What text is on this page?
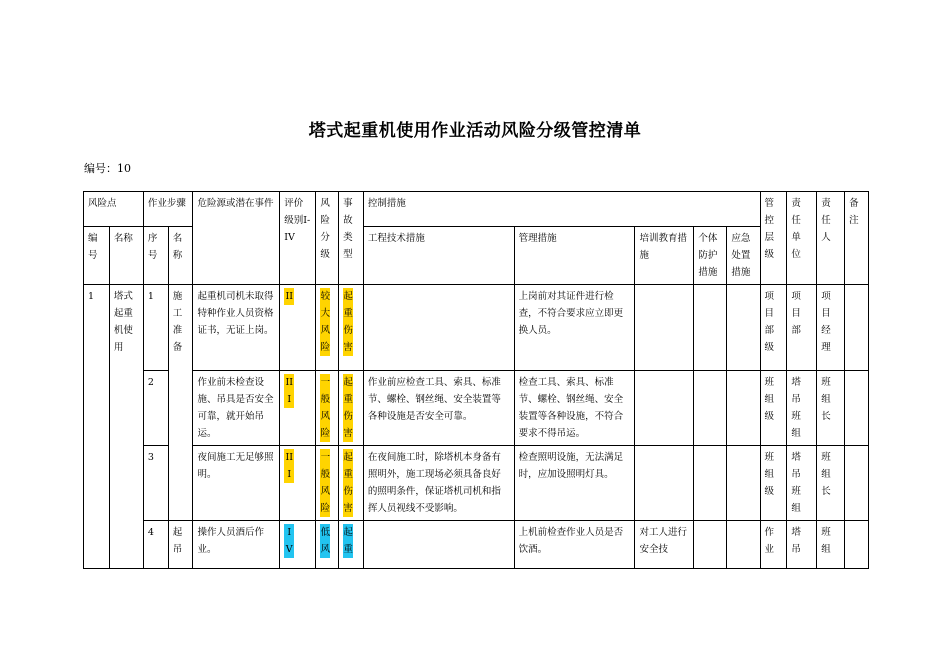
塔式起重机使用作业活动风险分级管控清单
编号：10
风险点		作业步骤		危险源或潜在事件	评价级别I-IV	风险分级	事故类型	控制措施					管控层级	责任单位	责任人	备注

编号	名称	序号	名称					工程技术措施	管理措施	培训教育措施	个体防护措施	应急处置措施				
1	塔式起重机使用	1	施工准备	起重机司机未取得特种作业人员资格证书，无证上岗。	II	较大风险	起重伤害		上岗前对其证件进行检查，不符合要求应立即更换人员。				项目部级	项目部	项目经理	

		2		作业前未检查设施、吊具是否安全可靠，就开始吊运。	III	一般风险	起重伤害	作业前应检查工具、索具、标准节、螺栓、钢丝绳、安全装置等各种设施是否安全可靠。	检查工具、索具、标准节、螺栓、钢丝绳、安全装置等各种设施，不符合要求不得吊运。				班组级	塔吊班组	班组长	

		3		夜间施工无足够照明。	III	一般风险	起重伤害	在夜间施工时，除塔机本身备有照明外，施工现场必须具备良好的照明条件，保证塔机司机和指挥人员视线不受影响。	检查照明设施，无法满足时，应加设照明灯具。				班组级	塔吊班组	班组长	

		4	起吊	操作人员酒后作业。	IV	低风	起重		上机前检查作业人员是否饮酒。	对工人进行安全技			作业	塔吊	班组	
